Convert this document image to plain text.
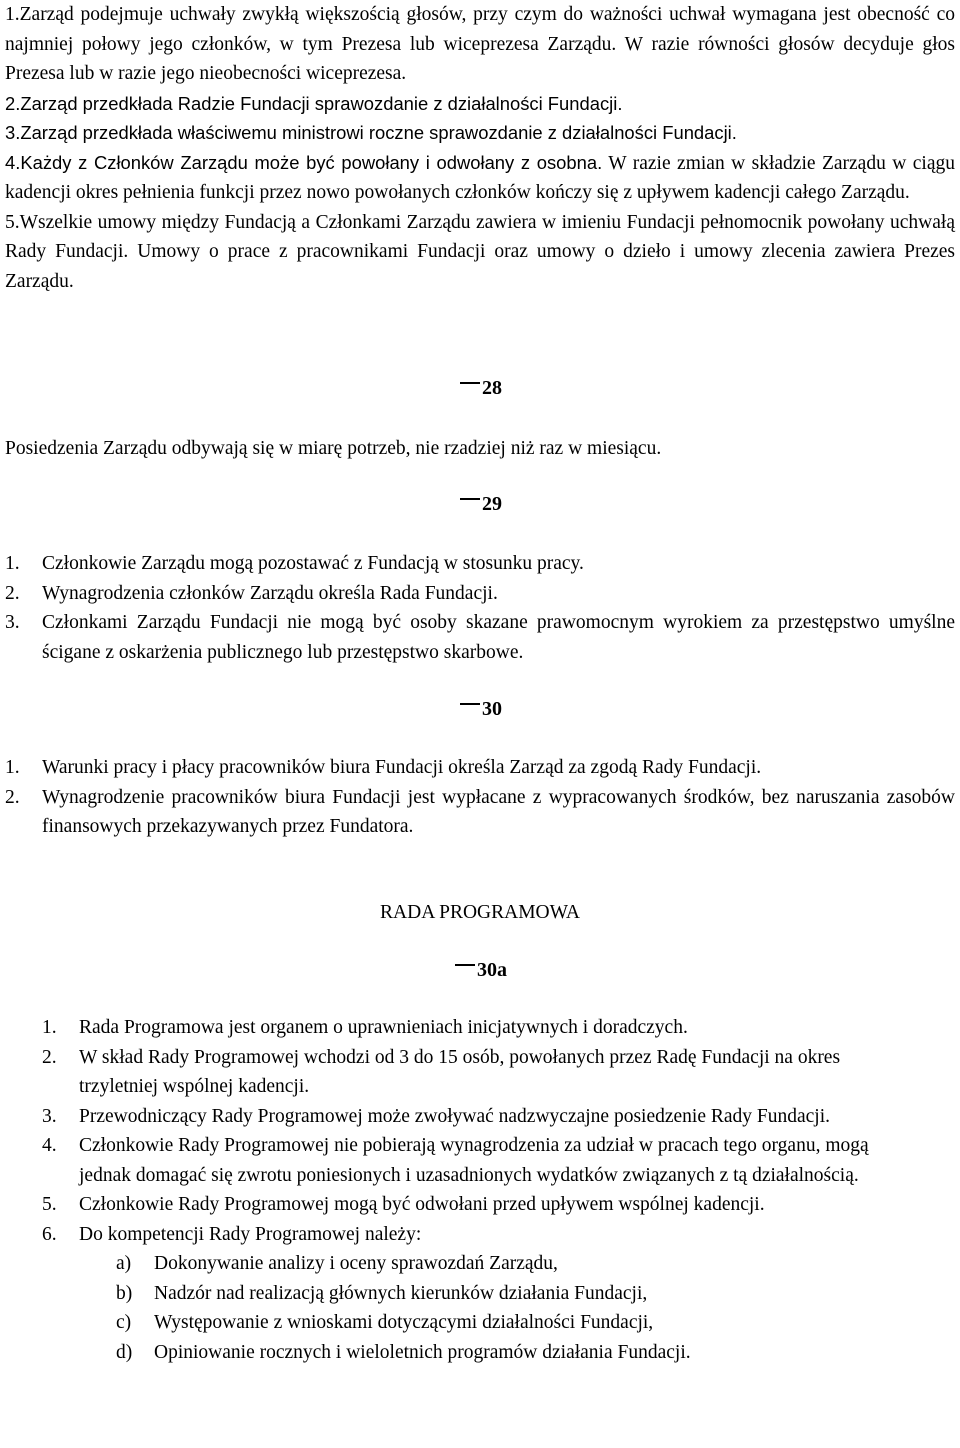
1.Zarząd podejmuje uchwały zwykłą większością głosów, przy czym do ważności uchwał wymagana jest obecność co najmniej połowy jego członków, w tym Prezesa lub wiceprezesa Zarządu. W razie równości głosów decyduje głos Prezesa lub w razie jego nieobecności wiceprezesa.

2.Zarząd przedkłada Radzie Fundacji sprawozdanie z działalności Fundacji.

3.Zarząd przedkłada właściwemu ministrowi roczne sprawozdanie z działalności Fundacji.

4.Każdy z Członków Zarządu może być powołany i odwołany z osobna. W razie zmian w składzie Zarządu w ciągu kadencji okres pełnienia funkcji przez nowo powołanych członków kończy się z upływem kadencji całego Zarządu.

5.Wszelkie umowy między Fundacją a Członkami Zarządu zawiera w imieniu Fundacji pełnomocnik powołany uchwałą Rady Fundacji. Umowy o prace z pracownikami Fundacji oraz umowy o dzieło i umowy zlecenia zawiera Prezes Zarządu.

28

Posiedzenia Zarządu odbywają się w miarę potrzeb, nie rzadziej niż raz w miesiącu.

29
1.	Członkowie Zarządu mogą pozostawać z Fundacją w stosunku pracy.
2.	Wynagrodzenia członków Zarządu określa Rada Fundacji.
3.	Członkami Zarządu Fundacji nie mogą być osoby skazane prawomocnym wyrokiem za przestępstwo umyślne ścigane z oskarżenia publicznego lub przestępstwo skarbowe.
30
1.	Warunki pracy i płacy pracowników biura Fundacji określa Zarząd za zgodą Rady Fundacji.
2.	Wynagrodzenie pracowników biura Fundacji jest wypłacane z wypracowanych środków, bez naruszania zasobów finansowych przekazywanych przez Fundatora.

RADA PROGRAMOWA

30a
1.	Rada Programowa jest organem o uprawnieniach inicjatywnych i doradczych.
2.	W skład Rady Programowej wchodzi od 3 do 15 osób, powołanych przez Radę Fundacji na okres trzyletniej wspólnej kadencji.
3.	Przewodniczący Rady Programowej może zwoływać nadzwyczajne posiedzenie Rady Fundacji.
4.	Członkowie Rady Programowej nie pobierają wynagrodzenia za udział w pracach tego organu, mogą jednak domagać się zwrotu poniesionych i uzasadnionych wydatków związanych z tą działalnością.
5.	Członkowie Rady Programowej mogą być odwołani przed upływem wspólnej kadencji.
6.	Do kompetencji Rady Programowej należy:
a)	Dokonywanie analizy i oceny sprawozdań Zarządu,
b)	Nadzór nad realizacją głównych kierunków działania Fundacji,
c)	Występowanie z wnioskami dotyczącymi działalności Fundacji,
d)	Opiniowanie rocznych i wieloletnich programów działania Fundacji.
